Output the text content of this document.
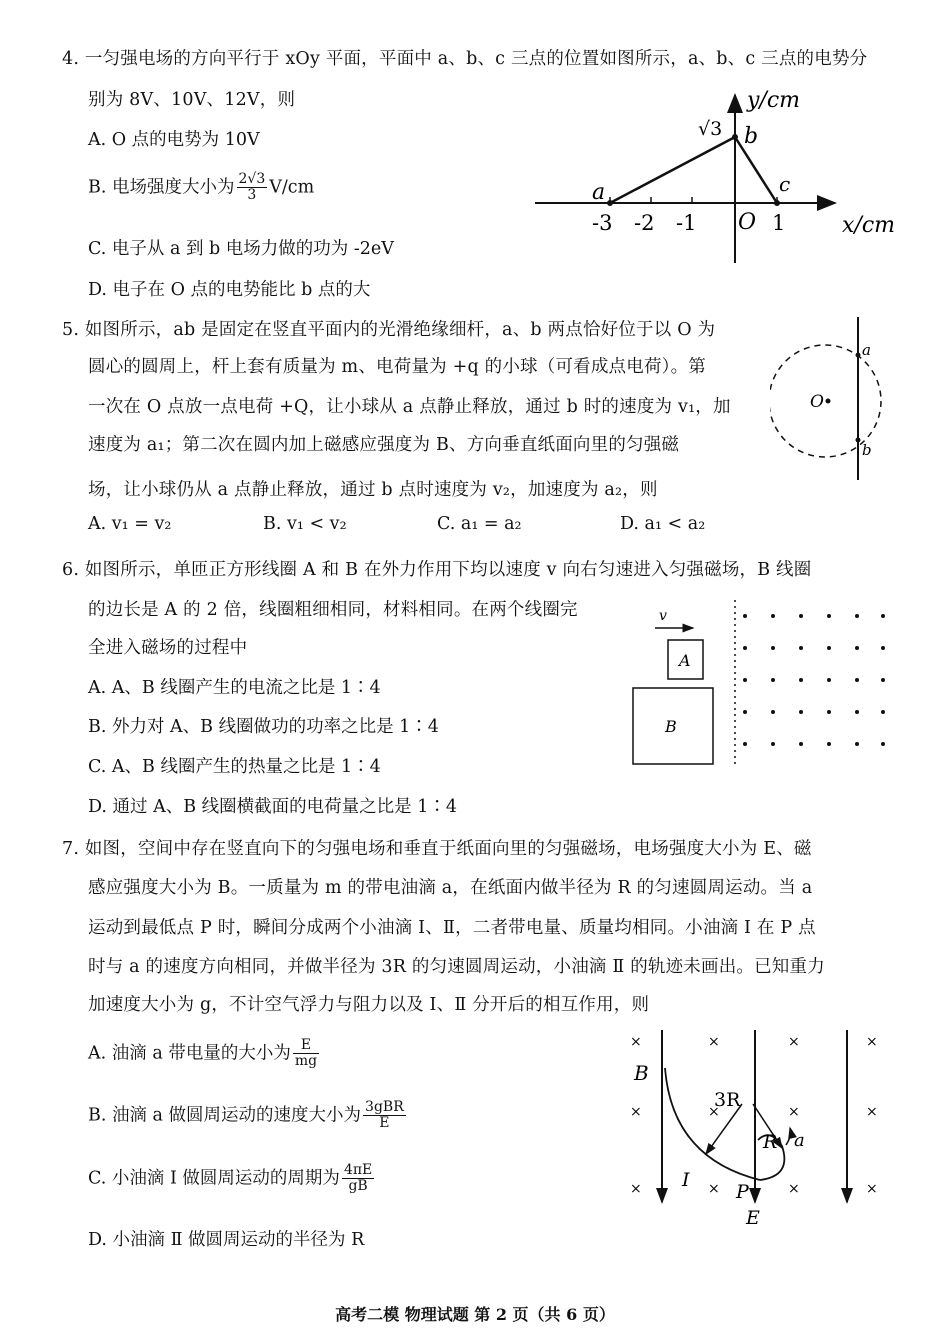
4. 一匀强电场的方向平行于 xOy 平面，平面中 a、b、c 三点的位置如图所示，a、b、c 三点的电势分
别为 8V、10V、12V，则
A. O 点的电势为 10V
B. 电场强度大小为 $\frac{2√3}{3} V/cm$
C. 电子从 a 到 b 电场力做的功为 -2eV
D. 电子在 O 点的电势能比 b 点的大
y/cm
x/cm
O
√3
a
b
c
-3 -2 -1	1
5. 如图所示，ab 是固定在竖直平面内的光滑绝缘细杆，a、b 两点恰好位于以 O 为
圆心的圆周上，杆上套有质量为 m、电荷量为 +q 的小球（可看成点电荷）。第
一次在 O 点放一点电荷 +Q，让小球从 a 点静止释放，通过 b 时的速度为 v₁，加
速度为 a₁；第二次在圆内加上磁感应强度为 B、方向垂直纸面向里的匀强磁
场，让小球仍从 a 点静止释放，通过 b 点时速度为 v₂，加速度为 a₂，则
A. v₁ = v₂	B. v₁ < v₂	C. a₁ = a₂	D. a₁ < a₂
O
a
b
6. 如图所示，单匝正方形线圈 A 和 B 在外力作用下均以速度 v 向右匀速进入匀强磁场，B 线圈
的边长是 A 的 2 倍，线圈粗细相同，材料相同。在两个线圈完
全进入磁场的过程中
A. A、B 线圈产生的电流之比是 1∶4
B. 外力对 A、B 线圈做功的功率之比是 1∶4
C. A、B 线圈产生的热量之比是 1∶4
D. 通过 A、B 线圈横截面的电荷量之比是 1∶4
v
A
B
7. 如图，空间中存在竖直向下的匀强电场和垂直于纸面向里的匀强磁场，电场强度大小为 E、磁
感应强度大小为 B。一质量为 m 的带电油滴 a，在纸面内做半径为 R 的匀速圆周运动。当 a
运动到最低点 P 时，瞬间分成两个小油滴 Ⅰ、Ⅱ，二者带电量、质量均相同。小油滴 Ⅰ 在 P 点
时与 a 的速度方向相同，并做半径为 3R 的匀速圆周运动，小油滴 Ⅱ 的轨迹未画出。已知重力
加速度大小为 g，不计空气浮力与阻力以及 Ⅰ、Ⅱ 分开后的相互作用，则
A. 油滴 a 带电量的大小为 $\frac{E}{mg}$
B. 油滴 a 做圆周运动的速度大小为 $\frac{\text{3gBR}}{E}$
C. 小油滴 Ⅰ 做圆周运动的周期为 $\frac{4\pi E}{gB}$
D. 小油滴 Ⅱ 做圆周运动的半径为 R
×	×	×	×
×	×	×	×
×	×	×	×
B
3R
R a
I
P
E
高考二模 物理试题 第 2 页（共 6 页）
